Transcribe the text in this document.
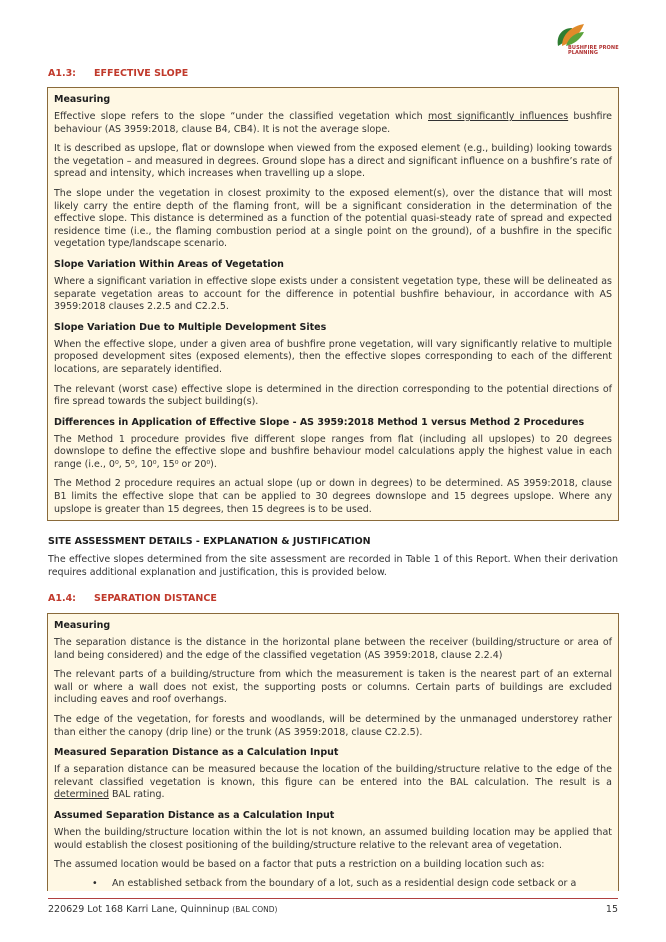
BUSHFIRE PRONE
PLANNING
A1.3: EFFECTIVE SLOPE
Measuring

Effective slope refers to the slope “under the classified vegetation which most significantly influences bushfire behaviour (AS 3959:2018, clause B4, CB4). It is not the average slope.

It is described as upslope, flat or downslope when viewed from the exposed element (e.g., building) looking towards the vegetation – and measured in degrees. Ground slope has a direct and significant influence on a bushfire’s rate of spread and intensity, which increases when travelling up a slope.

The slope under the vegetation in closest proximity to the exposed element(s), over the distance that will most likely carry the entire depth of the flaming front, will be a significant consideration in the determination of the effective slope. This distance is determined as a function of the potential quasi-steady rate of spread and expected residence time (i.e., the flaming combustion period at a single point on the ground), of a bushfire in the specific vegetation type/landscape scenario.

Slope Variation Within Areas of Vegetation

Where a significant variation in effective slope exists under a consistent vegetation type, these will be delineated as separate vegetation areas to account for the difference in potential bushfire behaviour, in accordance with AS 3959:2018 clauses 2.2.5 and C2.2.5.

Slope Variation Due to Multiple Development Sites

When the effective slope, under a given area of bushfire prone vegetation, will vary significantly relative to multiple proposed development sites (exposed elements), then the effective slopes corresponding to each of the different locations, are separately identified.

The relevant (worst case) effective slope is determined in the direction corresponding to the potential directions of fire spread towards the subject building(s).

Differences in Application of Effective Slope - AS 3959:2018 Method 1 versus Method 2 Procedures

The Method 1 procedure provides five different slope ranges from flat (including all upslopes) to 20 degrees downslope to define the effective slope and bushfire behaviour model calculations apply the highest value in each range (i.e., 0⁰, 5⁰, 10⁰, 15⁰ or 20⁰).

The Method 2 procedure requires an actual slope (up or down in degrees) to be determined. AS 3959:2018, clause B1 limits the effective slope that can be applied to 30 degrees downslope and 15 degrees upslope. Where any upslope is greater than 15 degrees, then 15 degrees is to be used.

SITE ASSESSMENT DETAILS - EXPLANATION & JUSTIFICATION

The effective slopes determined from the site assessment are recorded in Table 1 of this Report. When their derivation requires additional explanation and justification, this is provided below.

A1.4: SEPARATION DISTANCE
Measuring

The separation distance is the distance in the horizontal plane between the receiver (building/structure or area of land being considered) and the edge of the classified vegetation (AS 3959:2018, clause 2.2.4)

The relevant parts of a building/structure from which the measurement is taken is the nearest part of an external wall or where a wall does not exist, the supporting posts or columns. Certain parts of buildings are excluded including eaves and roof overhangs.

The edge of the vegetation, for forests and woodlands, will be determined by the unmanaged understorey rather than either the canopy (drip line) or the trunk (AS 3959:2018, clause C2.2.5).

Measured Separation Distance as a Calculation Input

If a separation distance can be measured because the location of the building/structure relative to the edge of the relevant classified vegetation is known, this figure can be entered into the BAL calculation. The result is a determined BAL rating.

Assumed Separation Distance as a Calculation Input

When the building/structure location within the lot is not known, an assumed building location may be applied that would establish the closest positioning of the building/structure relative to the relevant area of vegetation.

The assumed location would be based on a factor that puts a restriction on a building location such as:

•	An established setback from the boundary of a lot, such as a residential design code setback or a

220629 Lot 168 Karri Lane, Quinninup (BAL COND)	15
